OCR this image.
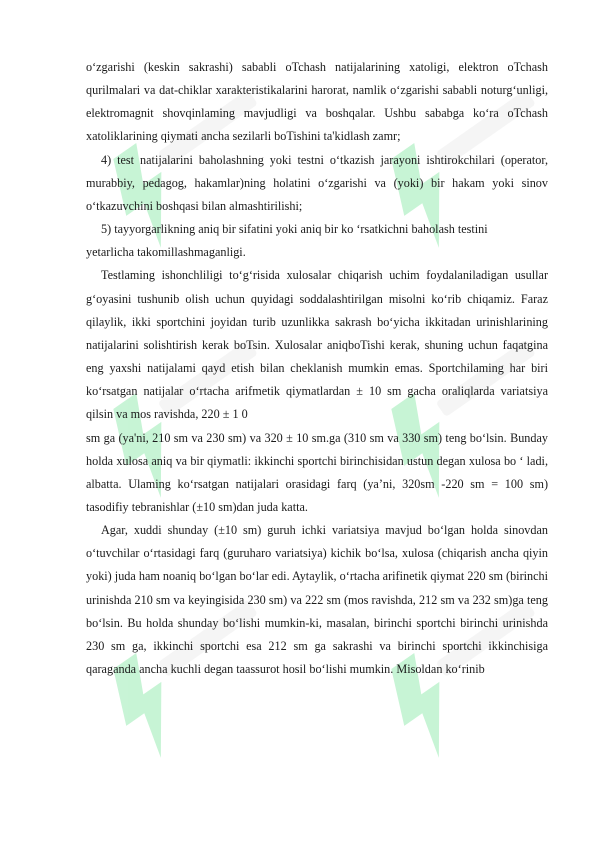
o‘zgarishi (keskin sakrashi) sababli oTchash natijalarining xatoligi, elektron oTchash qurilmalari va dat-chiklar xarakteristikalarini harorat, namlik o‘zgarishi sababli noturg‘unligi, elektromagnit shovqinlaming mavjudligi va boshqalar. Ushbu sababga ko‘ra oTchash xatoliklarining qiymati ancha sezilarli boTishini ta'kidlash zamr;

4) test natijalarini baholashning yoki testni o‘tkazish jarayoni ishtirokchilari (operator, murabbiy, pedagog, hakamlar)ning holatini o‘zgarishi va (yoki) bir hakam yoki sinov o‘tkazuvchini boshqasi bilan almashtirilishi;

5) tayyorgarlikning aniq bir sifatini yoki aniq bir ko ‘rsatkichni baholash testini

yetarlicha takomillashmaganligi.

Testlaming ishonchliligi to‘g‘risida xulosalar chiqarish uchim foydalaniladigan usullar g‘oyasini tushunib olish uchun quyidagi soddalashtirilgan misolni ko‘rib chiqamiz. Faraz qilaylik, ikki sportchini joyidan turib uzunlikka sakrash bo‘yicha ikkitadan urinishlarining natijalarini solishtirish kerak boTsin. Xulosalar aniqboTishi kerak, shuning uchun faqatgina eng yaxshi natijalami qayd etish bilan cheklanish mumkin emas. Sportchilaming har biri ko‘rsatgan natijalar o‘rtacha arifmetik qiymatlardan ± 10 sm gacha oraliqlarda variatsiya qilsin va mos ravishda, 220 ± 1 0

sm ga (ya'ni, 210 sm va 230 sm) va 320 ± 10 sm.ga (310 sm va 330 sm) teng bo‘lsin. Bunday holda xulosa aniq va bir qiymatli: ikkinchi sportchi birinchisidan ustun degan xulosa bo ‘ ladi, albatta. Ulaming ko‘rsatgan natijalari orasidagi farq (ya’ni, 320sm -220 sm = 100 sm) tasodifiy tebranishlar (±10 sm)dan juda katta.

Agar, xuddi shunday (±10 sm) guruh ichki variatsiya mavjud bo‘lgan holda sinovdan o‘tuvchilar o‘rtasidagi farq (guruharo variatsiya) kichik bo‘lsa, xulosa (chiqarish ancha qiyin yoki) juda ham noaniq bo‘lgan bo‘lar edi. Aytaylik, o‘rtacha arifinetik qiymat 220 sm (birinchi urinishda 210 sm va keyingisida 230 sm) va 222 sm (mos ravishda, 212 sm va 232 sm)ga teng bo‘lsin. Bu holda shunday bo‘lishi mumkin-ki, masalan, birinchi sportchi birinchi urinishda 230 sm ga, ikkinchi sportchi esa 212 sm ga sakrashi va birinchi sportchi ikkinchisiga qaraganda ancha kuchli degan taassurot hosil bo‘lishi mumkin. Misoldan ko‘rinib
